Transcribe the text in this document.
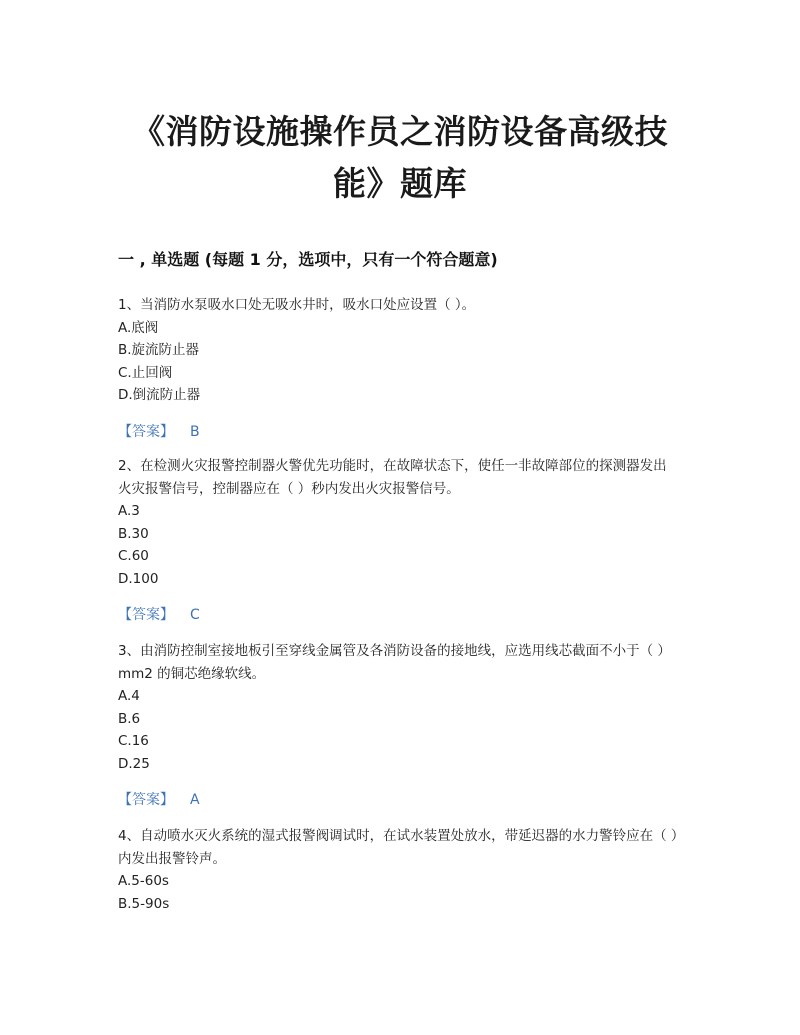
《消防设施操作员之消防设备高级技能》题库
一 , 单选题 (每题 1 分，选项中，只有一个符合题意)

1、当消防水泵吸水口处无吸水井时，吸水口处应设置（ ）。

A.底阀

B.旋流防止器

C.止回阀

D.倒流防止器

【答案】 B

2、在检测火灾报警控制器火警优先功能时，在故障状态下，使任一非故障部位的探测器发出火灾报警信号，控制器应在（ ）秒内发出火灾报警信号。

A.3

B.30

C.60

D.100

【答案】 C

3、由消防控制室接地板引至穿线金属管及各消防设备的接地线，应选用线芯截面不小于（ ）mm2 的铜芯绝缘软线。

A.4

B.6

C.16

D.25

【答案】 A

4、自动喷水灭火系统的湿式报警阀调试时，在试水装置处放水，带延迟器的水力警铃应在（ ）内发出报警铃声。

A.5-60s

B.5-90s
